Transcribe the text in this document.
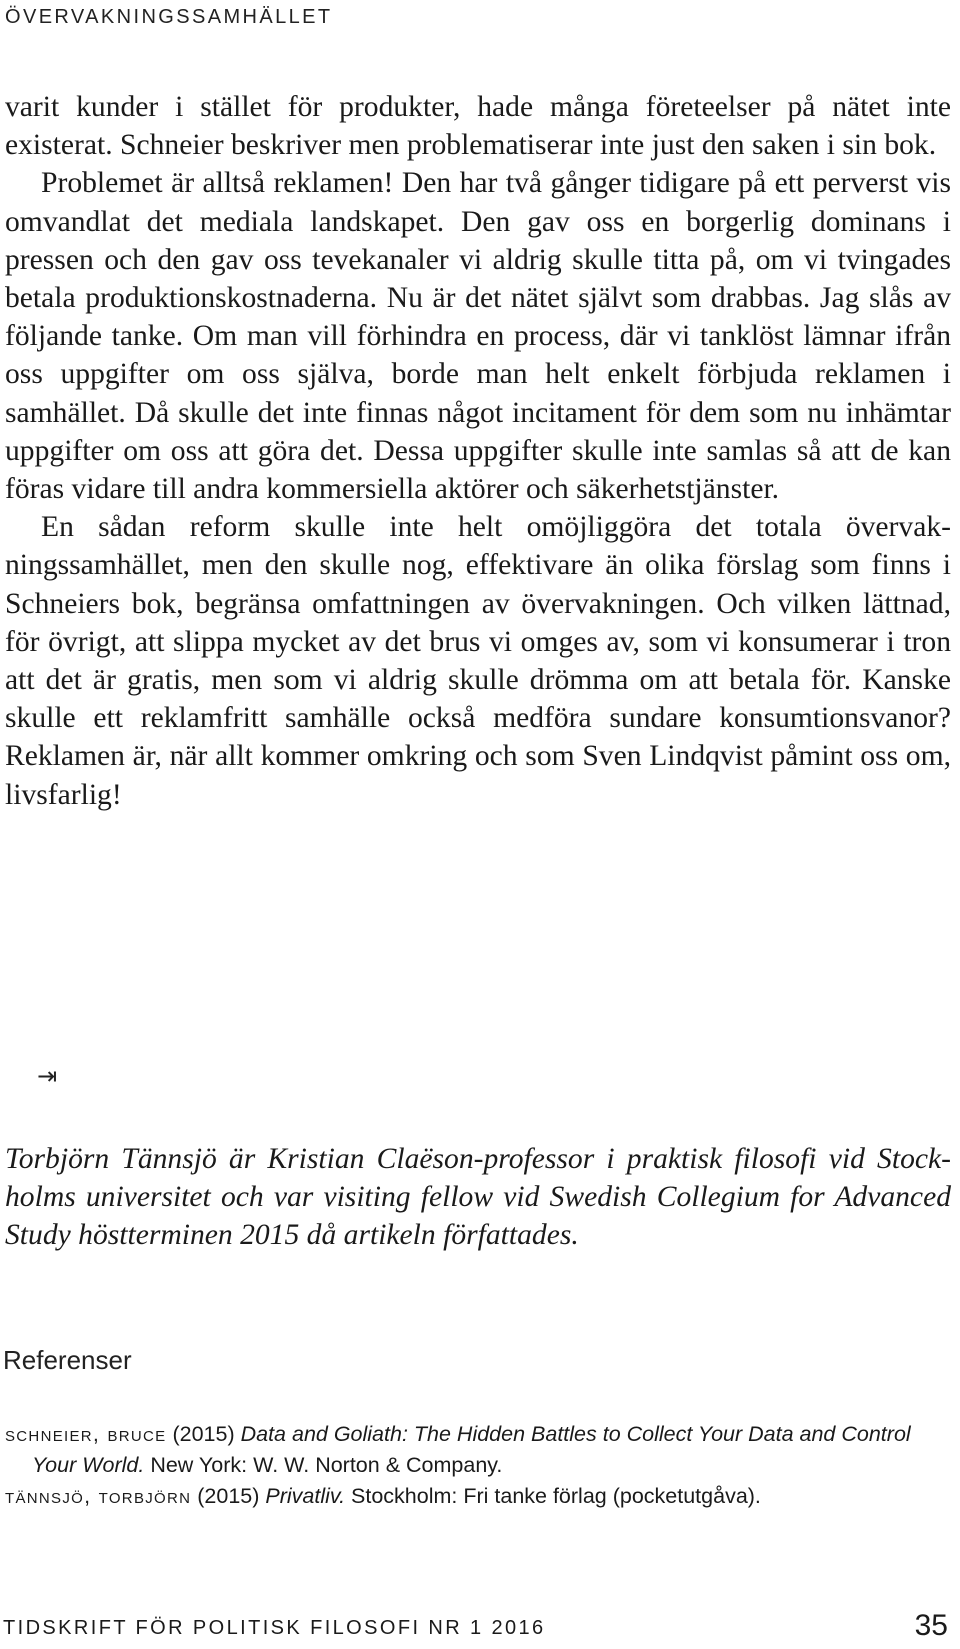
ÖVERVAKNINGSSAMHÄLLET

varit kunder i stället för produkter, hade många företeelser på nätet inte existerat. Schneier beskriver men problematiserar inte just den saken i sin bok.

Problemet är alltså reklamen! Den har två gånger tidigare på ett perverst vis omvandlat det mediala landskapet. Den gav oss en borgerlig dominans i pressen och den gav oss tevekanaler vi aldrig skulle titta på, om vi tvingades betala produktionskostnaderna. Nu är det nätet självt som drabbas. Jag slås av följande tanke. Om man vill förhindra en process, där vi tanklöst lämnar ifrån oss uppgifter om oss själva, borde man helt enkelt förbjuda reklamen i samhället. Då skulle det inte finnas något incitament för dem som nu inhämtar uppgifter om oss att göra det. Dessa uppgifter skulle inte samlas så att de kan föras vidare till andra kommersiella aktörer och säkerhetstjänster.

En sådan reform skulle inte helt omöjliggöra det totala övervakningssamhället, men den skulle nog, effektivare än olika förslag som finns i Schneiers bok, begränsa omfattningen av övervakningen. Och vilken lättnad, för övrigt, att slippa mycket av det brus vi omges av, som vi konsumerar i tron att det är gratis, men som vi aldrig skulle drömma om att betala för. Kanske skulle ett reklamfritt samhälle också medföra sundare konsumtionsvanor? Reklamen är, när allt kommer omkring och som Sven Lindqvist påmint oss om, livsfarlig!

⇥
Torbjörn Tännsjö är Kristian Claëson-professor i praktisk filosofi vid Stockholms universitet och var visiting fellow vid Swedish Collegium for Advanced Study höstterminen 2015 då artikeln författades.
Referenser
schneier, bruce (2015) Data and Goliath: The Hidden Battles to Collect Your Data and Control Your World. New York: W. W. Norton & Company.
tännsjö, torbjörn (2015) Privatliv. Stockholm: Fri tanke förlag (pocketutgåva).
TIDSKRIFT FÖR POLITISK FILOSOFI NR 1 2016	35
